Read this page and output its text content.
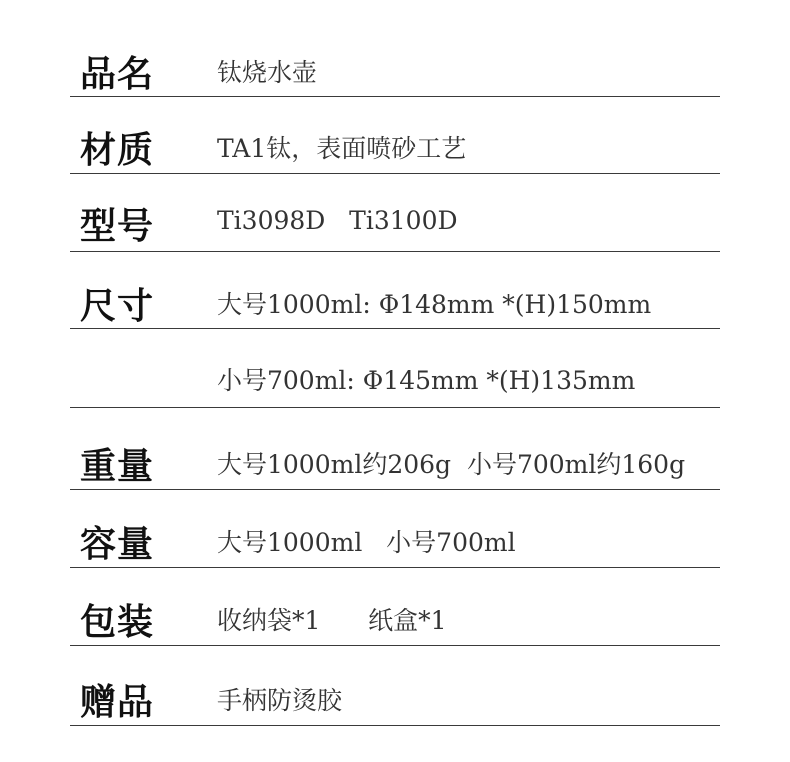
品名	钛烧水壶
材质	TA1钛，表面喷砂工艺
型号	Ti3098D   Ti3100D
尺寸	大号1000ml: Φ148mm *(H)150mm
小号700ml: Φ145mm *(H)135mm
重量	大号1000ml约206g  小号700ml约160g
容量	大号1000ml   小号700ml
包装	收纳袋*1      纸盒*1
赠品	手柄防烫胶
